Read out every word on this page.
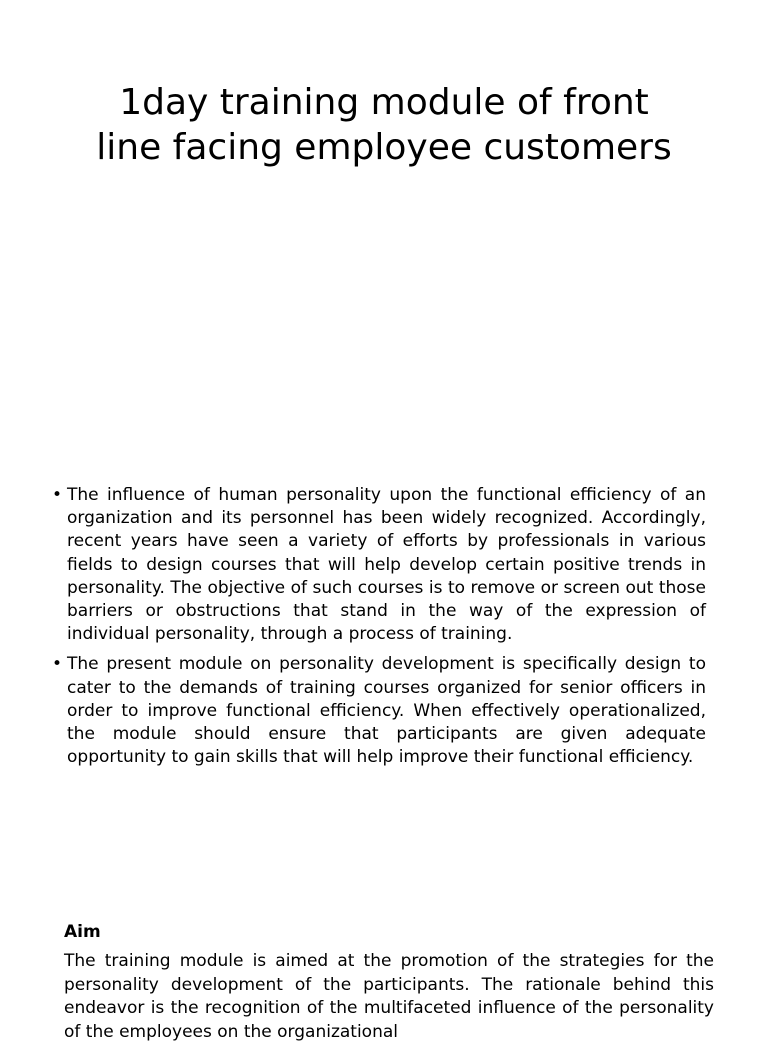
1day training module of front line facing employee customers
• The influence of human personality upon the functional efficiency of an organization and its personnel has been widely recognized. Accordingly, recent years have seen a variety of efforts by professionals in various fields to design courses that will help develop certain positive trends in personality. The objective of such courses is to remove or screen out those barriers or obstructions that stand in the way of the expression of individual personality, through a process of training.
• The present module on personality development is specifically design to cater to the demands of training courses organized for senior officers in order to improve functional efficiency. When effectively operationalized, the module should ensure that participants are given adequate opportunity to gain skills that will help improve their functional efficiency.
Aim

The training module is aimed at the promotion of the strategies for the personality development of the participants. The rationale behind this endeavor is the recognition of the multifaceted influence of the personality of the employees on the organizational
